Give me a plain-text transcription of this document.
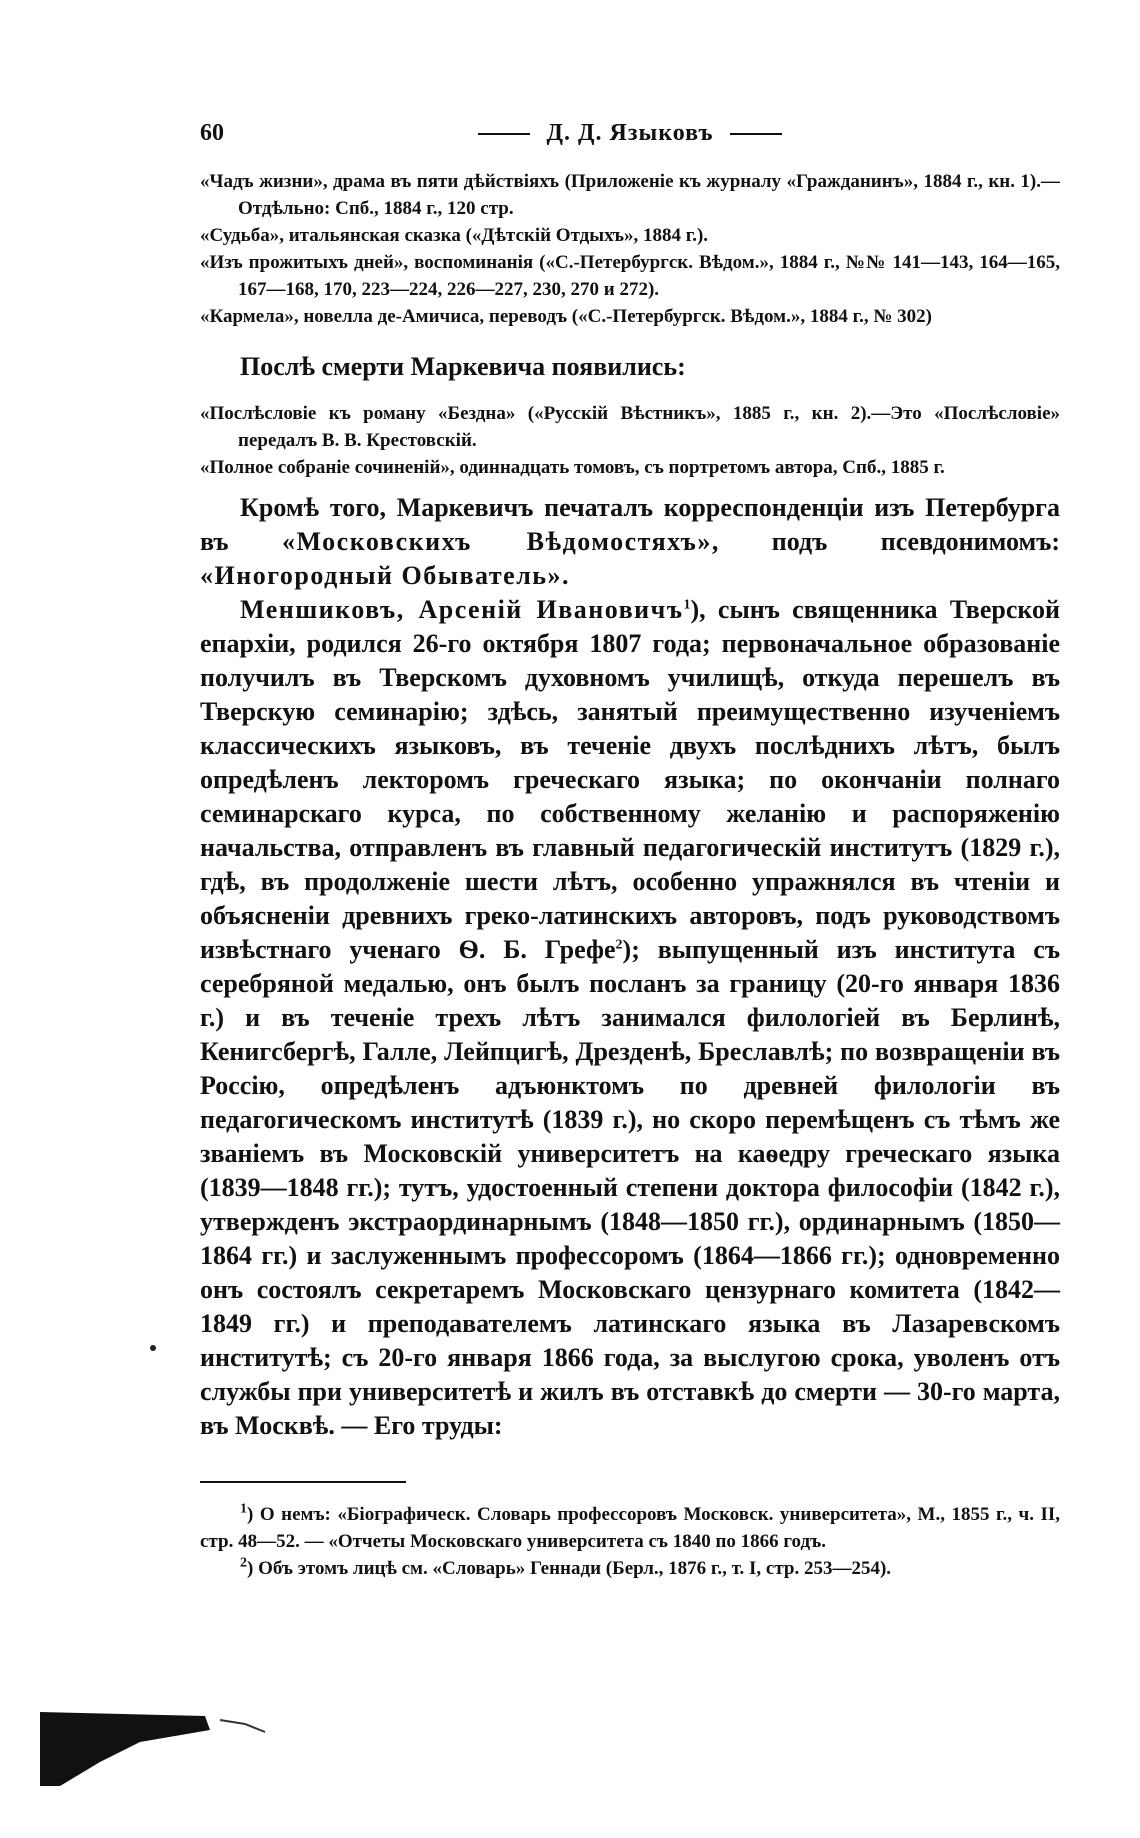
60	Д. Д. Языковъ
«Чадъ жизни», драма въ пяти дѣйствіяхъ (Приложеніе къ журналу «Гражданинъ», 1884 г., кн. 1).—Отдѣльно: Спб., 1884 г., 120 стр.
«Судьба», итальянская сказка («Дѣтскій Отдыхъ», 1884 г.).
«Изъ прожитыхъ дней», воспоминанія («С.-Петербургск. Вѣдом.», 1884 г., №№ 141—143, 164—165, 167—168, 170, 223—224, 226—227, 230, 270 и 272).
«Кармела», новелла де-Амичиса, переводъ («С.-Петербургск. Вѣдом.», 1884 г., № 302)
Послѣ смерти Маркевича появились:
«Послѣсловіе къ роману «Бездна» («Русскій Вѣстникъ», 1885 г., кн. 2).—Это «Послѣсловіе» передалъ В. В. Крестовскій.
«Полное собраніе сочиненій», одиннадцать томовъ, съ портретомъ автора, Спб., 1885 г.

Кромѣ того, Маркевичъ печаталъ корреспонденціи изъ Петербурга въ «Московскихъ Вѣдомостяхъ», подъ псевдонимомъ: «Иногородный Обыватель».

Меншиковъ, Арсеній Ивановичъ$^1$), сынъ священника Тверской епархіи, родился 26-го октября 1807 года; первоначальное образованіе получилъ въ Тверскомъ духовномъ училищѣ, откуда перешелъ въ Тверскую семинарію; здѣсь, занятый преимущественно изученіемъ классическихъ языковъ, въ теченіе двухъ послѣднихъ лѣтъ, былъ опредѣленъ лекторомъ греческаго языка; по окончаніи полнаго семинарскаго курса, по собственному желанію и распоряженію начальства, отправленъ въ главный педагогическій институтъ (1829 г.), гдѣ, въ продолженіе шести лѣтъ, особенно упражнялся въ чтеніи и объясненіи древнихъ греко-латинскихъ авторовъ, подъ руководствомъ извѣстнаго ученаго Ѳ. Б. Грефе$^2$); выпущенный изъ института съ серебряной медалью, онъ былъ посланъ за границу (20-го января 1836 г.) и въ теченіе трехъ лѣтъ занимался филологіей въ Берлинѣ, Кенигсбергѣ, Галле, Лейпцигѣ, Дрезденѣ, Бреславлѣ; по возвращеніи въ Россію, опредѣленъ адъюнктомъ по древней филологіи въ педагогическомъ институтѣ (1839 г.), но скоро перемѣщенъ съ тѣмъ же званіемъ въ Московскій университетъ на каѳедру греческаго языка (1839—1848 гг.); тутъ, удостоенный степени доктора философіи (1842 г.), утвержденъ экстраординарнымъ (1848—1850 гг.), ординарнымъ (1850—1864 гг.) и заслуженнымъ профессоромъ (1864—1866 гг.); одновременно онъ состоялъ секретаремъ Московскаго цензурнаго комитета (1842—1849 гг.) и преподавателемъ латинскаго языка въ Лазаревскомъ институтѣ; съ 20-го января 1866 года, за выслугою срока, уволенъ отъ службы при университетѣ и жилъ въ отставкѣ до смерти — 30-го марта, въ Москвѣ. — Его труды:

$^1$) О немъ: «Біографическ. Словарь профессоровъ Московск. университета», М., 1855 г., ч. II, стр. 48—52. — «Отчеты Московскаго университета съ 1840 по 1866 годъ.

$^2$) Объ этомъ лицѣ см. «Словарь» Геннади (Берл., 1876 г., т. I, стр. 253—254).
